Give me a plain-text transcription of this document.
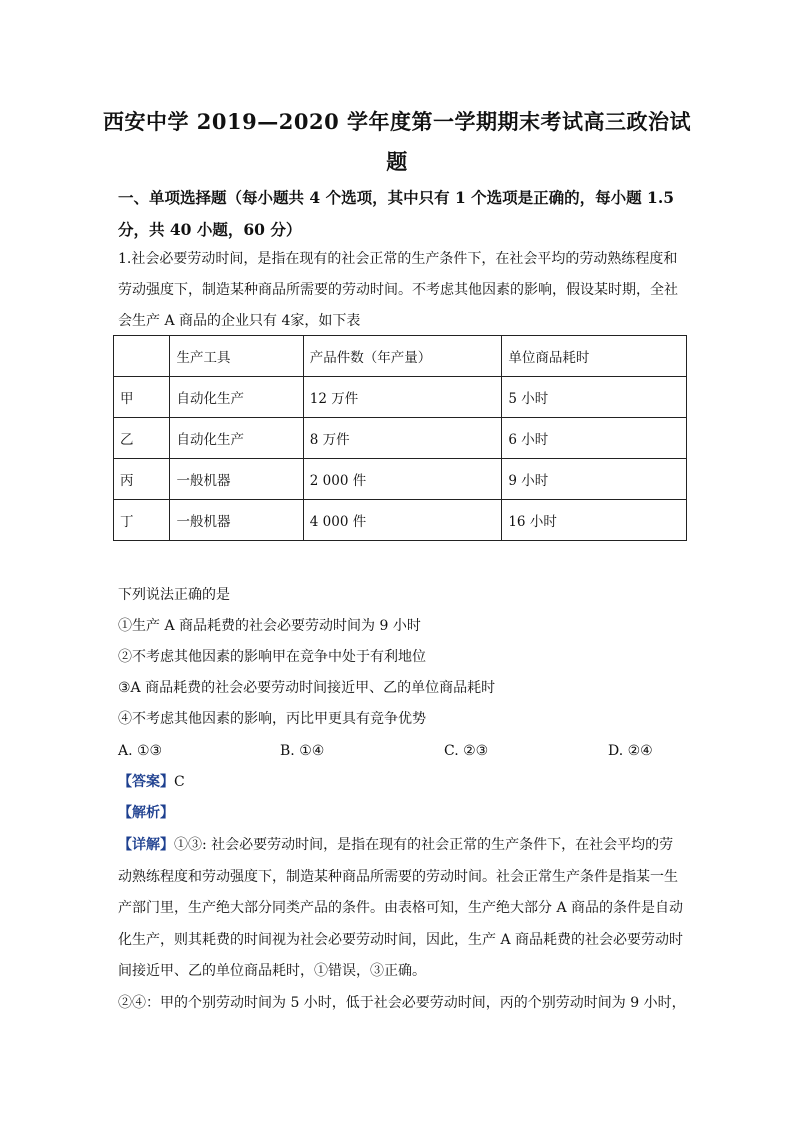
西安中学 2019—2020 学年度第一学期期末考试高三政治试
题
一、单项选择题（每小题共 4 个选项，其中只有 1 个选项是正确的，每小题 1.5 分，共 40 小题，60 分）
1.社会必要劳动时间，是指在现有的社会正常的生产条件下，在社会平均的劳动熟练程度和劳动强度下，制造某种商品所需要的劳动时间。不考虑其他因素的影响，假设某时期，全社会生产 A 商品的企业只有 4家，如下表
	生产工具	产品件数（年产量）	单位商品耗时
甲	自动化生产	12 万件	5 小时
乙	自动化生产	8 万件	6 小时
丙	一般机器	2 000 件	9 小时
丁	一般机器	4 000 件	16 小时
下列说法正确的是
①生产 A 商品耗费的社会必要劳动时间为 9 小时
②不考虑其他因素的影响甲在竞争中处于有利地位
③A 商品耗费的社会必要劳动时间接近甲、乙的单位商品耗时
④不考虑其他因素的影响，丙比甲更具有竞争优势
A. ①③	B. ①④	C. ②③	D. ②④
【答案】C
【解析】
【详解】①③: 社会必要劳动时间，是指在现有的社会正常的生产条件下，在社会平均的劳
动熟练程度和劳动强度下，制造某种商品所需要的劳动时间。社会正常生产条件是指某一生
产部门里，生产绝大部分同类产品的条件。由表格可知，生产绝大部分 A 商品的条件是自动
化生产，则其耗费的时间视为社会必要劳动时间，因此，生产 A 商品耗费的社会必要劳动时
间接近甲、乙的单位商品耗时，①错误，③正确。
②④：甲的个别劳动时间为 5 小时，低于社会必要劳动时间，丙的个别劳动时间为 9 小时，
